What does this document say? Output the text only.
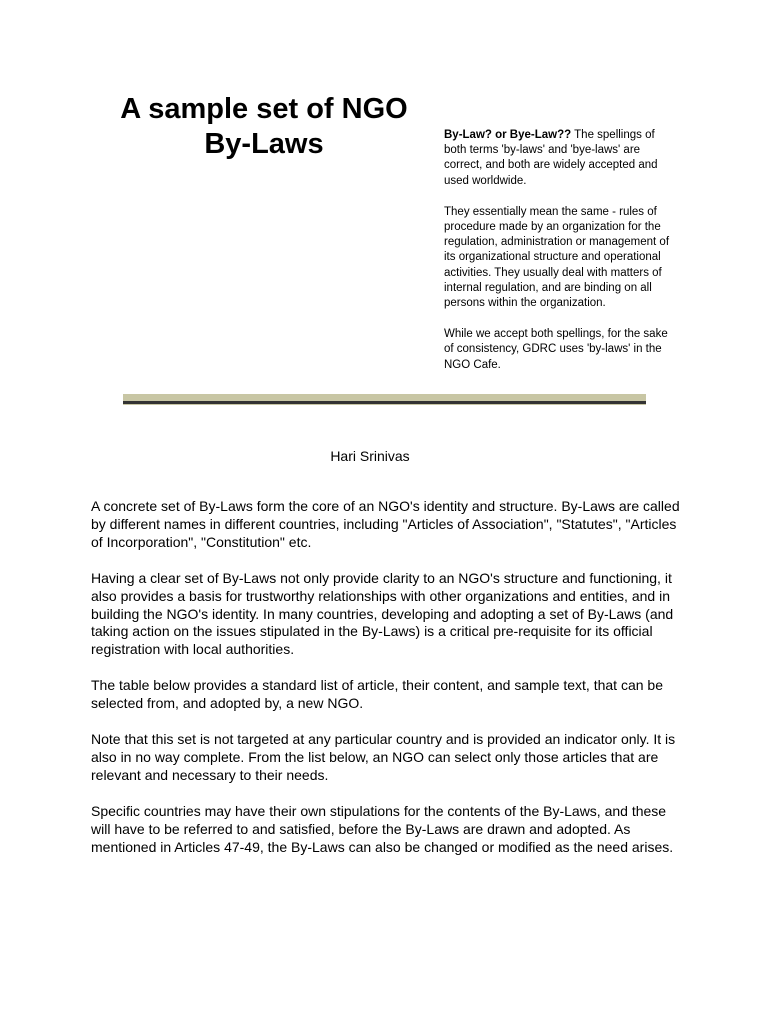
A sample set of NGO
By-Laws	By-Law? or Bye-Law?? The spellings of both terms 'by-laws' and 'bye-laws' are correct, and both are widely accepted and used worldwide.

They essentially mean the same - rules of procedure made by an organization for the regulation, administration or management of its organizational structure and operational activities. They usually deal with matters of internal regulation, and are binding on all persons within the organization.

While we accept both spellings, for the sake of consistency, GDRC uses 'by-laws' in the NGO Cafe.

Hari Srinivas

A concrete set of By-Laws form the core of an NGO's identity and structure. By-Laws are called by different names in different countries, including "Articles of Association", "Statutes", "Articles of Incorporation", "Constitution" etc.

Having a clear set of By-Laws not only provide clarity to an NGO's structure and functioning, it also provides a basis for trustworthy relationships with other organizations and entities, and in building the NGO's identity. In many countries, developing and adopting a set of By-Laws (and taking action on the issues stipulated in the By-Laws) is a critical pre-requisite for its official registration with local authorities.

The table below provides a standard list of article, their content, and sample text, that can be selected from, and adopted by, a new NGO.

Note that this set is not targeted at any particular country and is provided an indicator only. It is also in no way complete. From the list below, an NGO can select only those articles that are relevant and necessary to their needs.

Specific countries may have their own stipulations for the contents of the By-Laws, and these will have to be referred to and satisfied, before the By-Laws are drawn and adopted. As mentioned in Articles 47-49, the By-Laws can also be changed or modified as the need arises.
